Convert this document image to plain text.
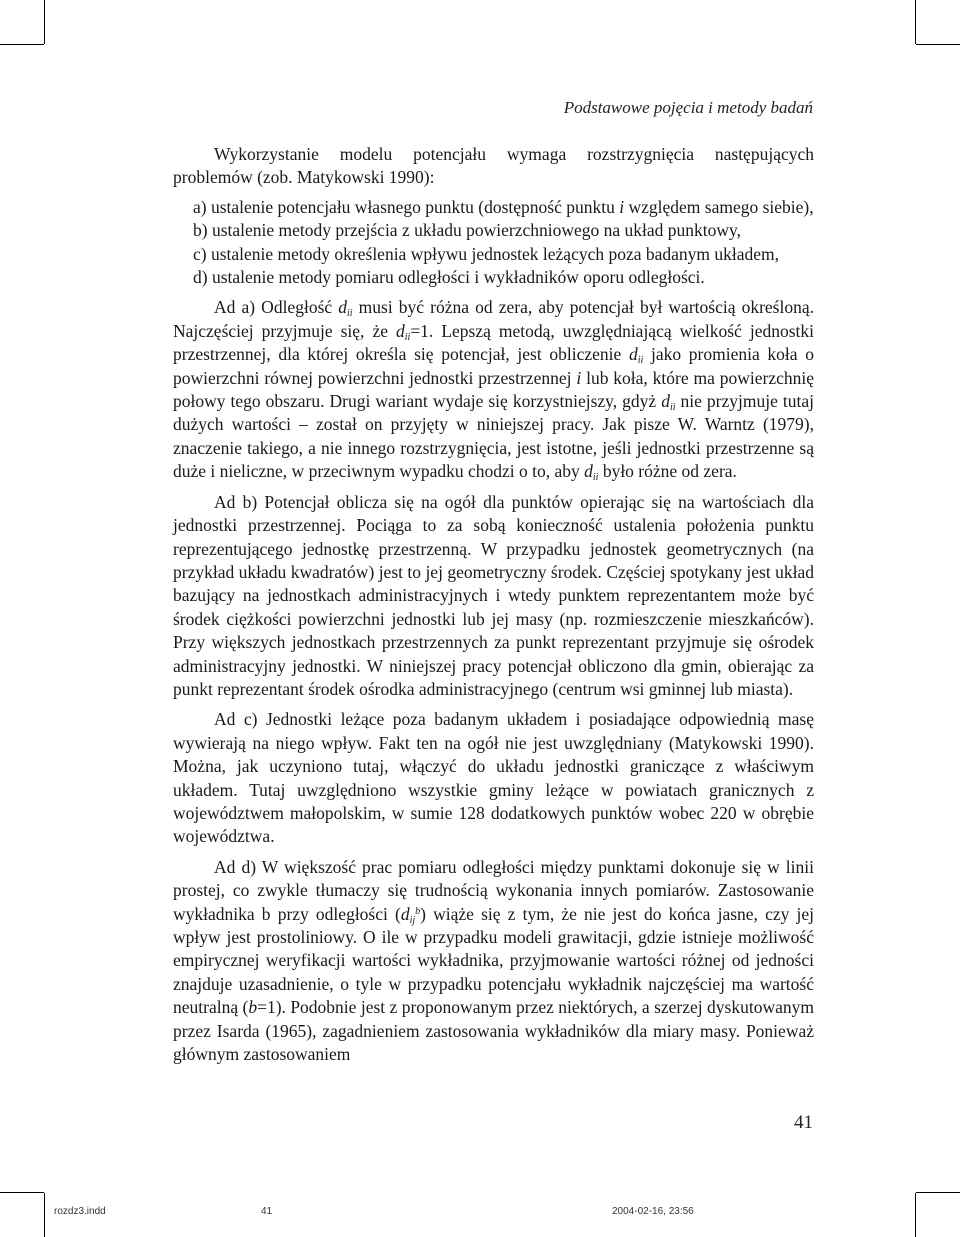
Podstawowe pojęcia i metody badań

Wykorzystanie modelu potencjału wymaga rozstrzygnięcia następujących problemów (zob. Matykowski 1990):

a) ustalenie potencjału własnego punktu (dostępność punktu i względem samego siebie),
b) ustalenie metody przejścia z układu powierzchniowego na układ punktowy,
c) ustalenie metody określenia wpływu jednostek leżących poza badanym układem,
d) ustalenie metody pomiaru odległości i wykładników oporu odległości.

Ad a) Odległość $d_{ii}$ musi być różna od zera, aby potencjał był wartością określoną. Najczęściej przyjmuje się, że $d_{ii}=1$. Lepszą metodą, uwzględniającą wielkość jednostki przestrzennej, dla której określa się potencjał, jest obliczenie $d_{ii}$ jako promienia koła o powierzchni równej powierzchni jednostki przestrzennej i lub koła, które ma powierzchnię połowy tego obszaru. Drugi wariant wydaje się korzystniejszy, gdyż $d_{ii}$ nie przyjmuje tutaj dużych wartości – został on przyjęty w niniejszej pracy. Jak pisze W. Warntz (1979), znaczenie takiego, a nie innego rozstrzygnięcia, jest istotne, jeśli jednostki przestrzenne są duże i nieliczne, w przeciwnym wypadku chodzi o to, aby $d_{ii}$ było różne od zera.

Ad b) Potencjał oblicza się na ogół dla punktów opierając się na wartościach dla jednostki przestrzennej. Pociąga to za sobą konieczność ustalenia położenia punktu reprezentującego jednostkę przestrzenną. W przypadku jednostek geometrycznych (na przykład układu kwadratów) jest to jej geometryczny środek. Częściej spotykany jest układ bazujący na jednostkach administracyjnych i wtedy punktem reprezentantem może być środek ciężkości powierzchni jednostki lub jej masy (np. rozmieszczenie mieszkańców). Przy większych jednostkach przestrzennych za punkt reprezentant przyjmuje się ośrodek administracyjny jednostki. W niniejszej pracy potencjał obliczono dla gmin, obierając za punkt reprezentant środek ośrodka administracyjnego (centrum wsi gminnej lub miasta).

Ad c) Jednostki leżące poza badanym układem i posiadające odpowiednią masę wywierają na niego wpływ. Fakt ten na ogół nie jest uwzględniany (Matykowski 1990). Można, jak uczyniono tutaj, włączyć do układu jednostki graniczące z właściwym układem. Tutaj uwzględniono wszystkie gminy leżące w powiatach granicznych z województwem małopolskim, w sumie 128 dodatkowych punktów wobec 220 w obrębie województwa.

Ad d) W większość prac pomiaru odległości między punktami dokonuje się w linii prostej, co zwykle tłumaczy się trudnością wykonania innych pomiarów. Zastosowanie wykładnika b przy odległości $(d_{ij}^b)$ wiąże się z tym, że nie jest do końca jasne, czy jej wpływ jest prostoliniowy. O ile w przypadku modeli grawitacji, gdzie istnieje możliwość empirycznej weryfikacji wartości wykładnika, przyjmowanie wartości różnej od jedności znajduje uzasadnienie, o tyle w przypadku potencjału wykładnik najczęściej ma wartość neutralną (b=1). Podobnie jest z proponowanym przez niektórych, a szerzej dyskutowanym przez Isarda (1965), zagadnieniem zastosowania wykładników dla miary masy. Ponieważ głównym zastosowaniem

41
rozdz3.indd	41	2004-02-16, 23:56
